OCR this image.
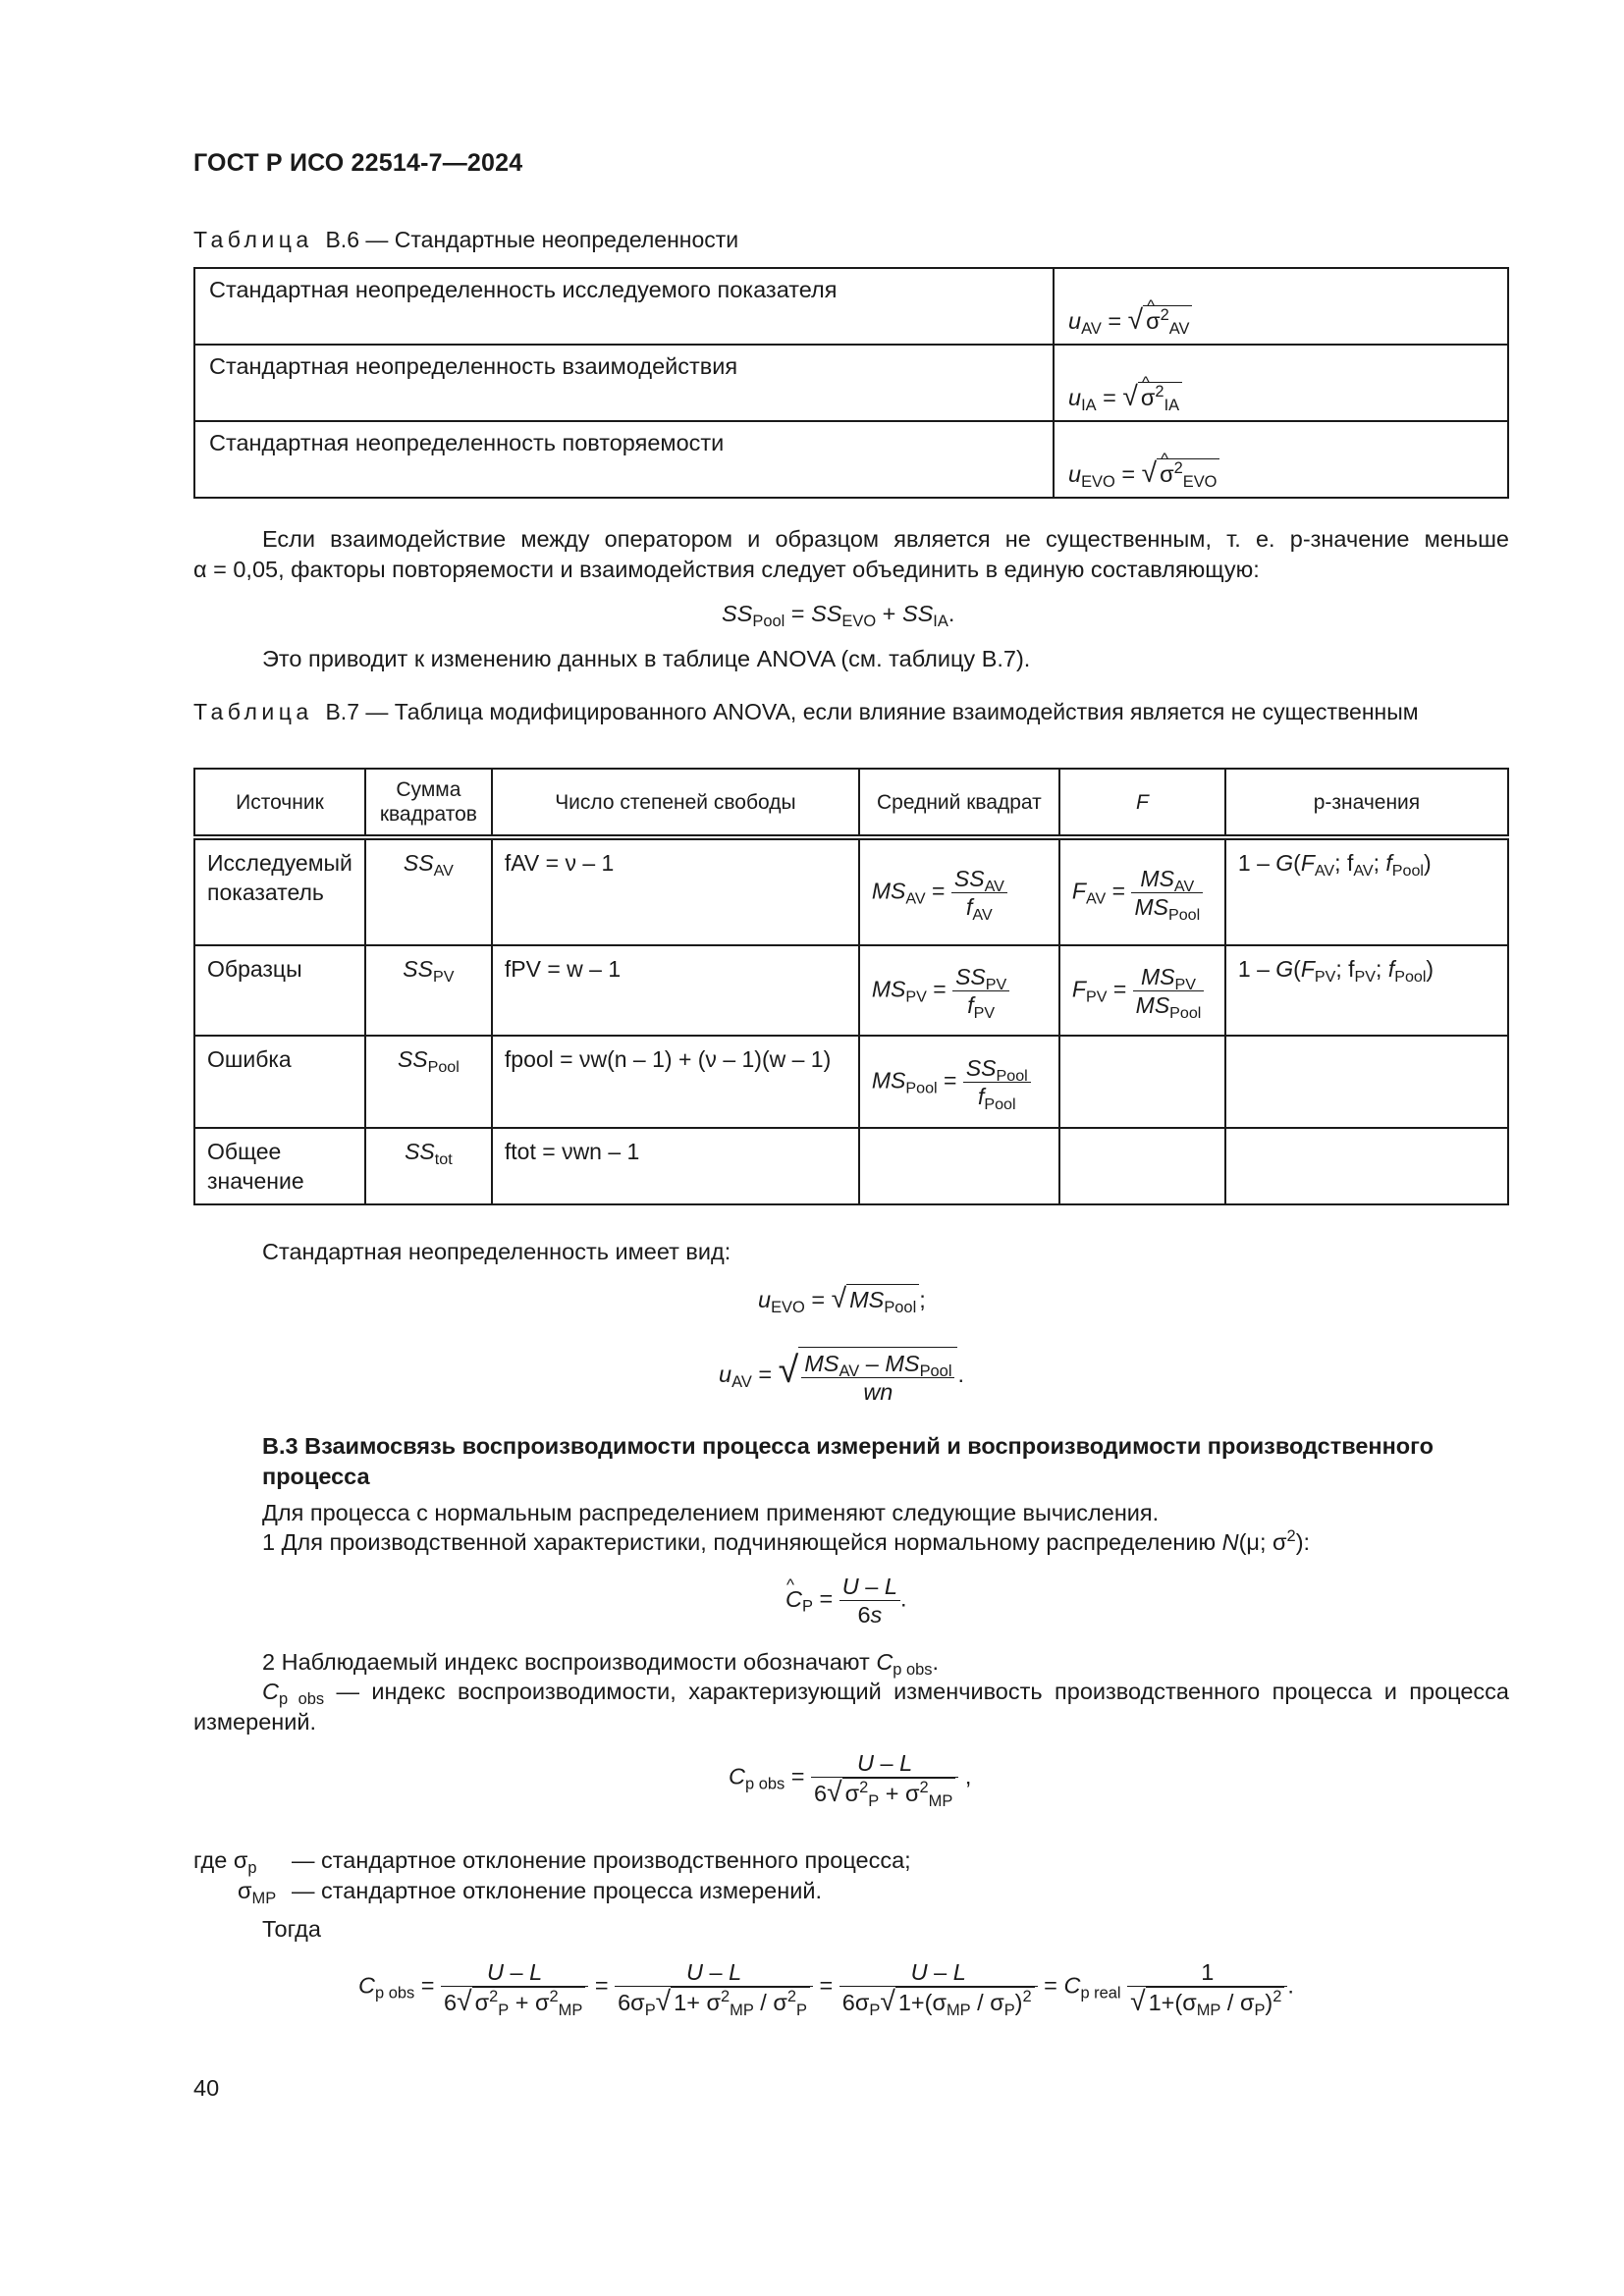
ГОСТ Р ИСО 22514-7—2024
Таблица В.6 — Стандартные неопределенности
Стандартная неопределенность исследуемого показателя	$u_{AV}$ = √ ^ $\sigma^2_{AV}$
Стандартная неопределенность взаимодействия	$u_{IA}$ = √ ^ $\sigma^2_{IA}$
Стандартная неопределенность повторяемости	$u_{EVO}$ = √ ^ $\sigma^2_{EVO}$
Если взаимодействие между оператором и образцом является не существенным, т. е. р-значение меньше
α = 0,05, факторы повторяемости и взаимодействия следует объединить в единую составляющую:
$SS_{Pool} = SS_{EVO} + SS_{IA}$.
Это приводит к изменению данных в таблице ANOVA (см. таблицу В.7).
Таблица В.7 — Таблица модифицированного ANOVA, если влияние взаимодействия является не существенным
Источник	Сумма квадратов	Число степеней свободы	Средний квадрат	F	р-значения
Исследуемый показатель	$SS_{AV}$	fAV = ν – 1	$MS_{AV} = \frac{SS_{AV}}{f_{AV}}$	$F_{AV} = \frac{MS_{AV}}{MS_{Pool}}$	$1 - G(F_{AV}$; $f_{AV}$; $f_{Pool}$)
Образцы	$SS_{PV}$	fPV = w – 1	$MS_{PV} = \frac{SS_{PV}}{f_{PV}}$	$F_{PV} = \frac{MS_{PV}}{MS_{Pool}}$	$1 - G(F_{PV}$; $f_{PV}$; $f_{Pool}$)
Ошибка	$SS_{Pool}$	fpool = νw(n – 1) + (ν – 1)(w – 1)	$MS_{Pool} = \frac{SS_{Pool}}{f_{Pool}}$

Общее значение	$SS_{tot}$	ftot = νwn – 1			
Стандартная неопределенность имеет вид:
$u_{EVO}$ = √ $MS_{Pool}$ ;
$u_{AV}$ = √ $\frac{MS_{AV} - MS_{Pool}}{wn}$ .
В.3 Взаимосвязь воспроизводимости процесса измерений и воспроизводимости производственного процесса
Для процесса с нормальным распределением применяют следующие вычисления.
1 Для производственной характеристики, подчиняющейся нормальному распределению N(μ; $\sigma^2$):
^ $C_P = \frac{U - L}{6s}$ .
2 Наблюдаемый индекс воспроизводимости обозначают $C_{p obs}$.
$C_{p obs}$ — индекс воспроизводимости, характеризующий изменчивость производственного процесса и процесса измерений.
$C_{p obs} = \frac{U - L}{6√ \sigma^2_P + \sigma^2_{MP}}$ ,
где $\sigma_p$	— стандартное отклонение производственного процесса;
$\sigma_{MP}$	— стандартное отклонение процесса измерений.
Тогда
$C_{p obs} = \frac{U - L}{6√ \sigma^2_P + \sigma^2_{MP}} = \frac{U - L}{6\sigma_P√ 1+ \sigma^2_{MP} / \sigma^2_P} = \frac{U - L}{6\sigma_P√ 1+(\sigma_{MP} / \sigma_P)^2} = C_{p real} \frac{1}{√ 1+(\sigma_{MP} / \sigma_P)^2}$ .
40
